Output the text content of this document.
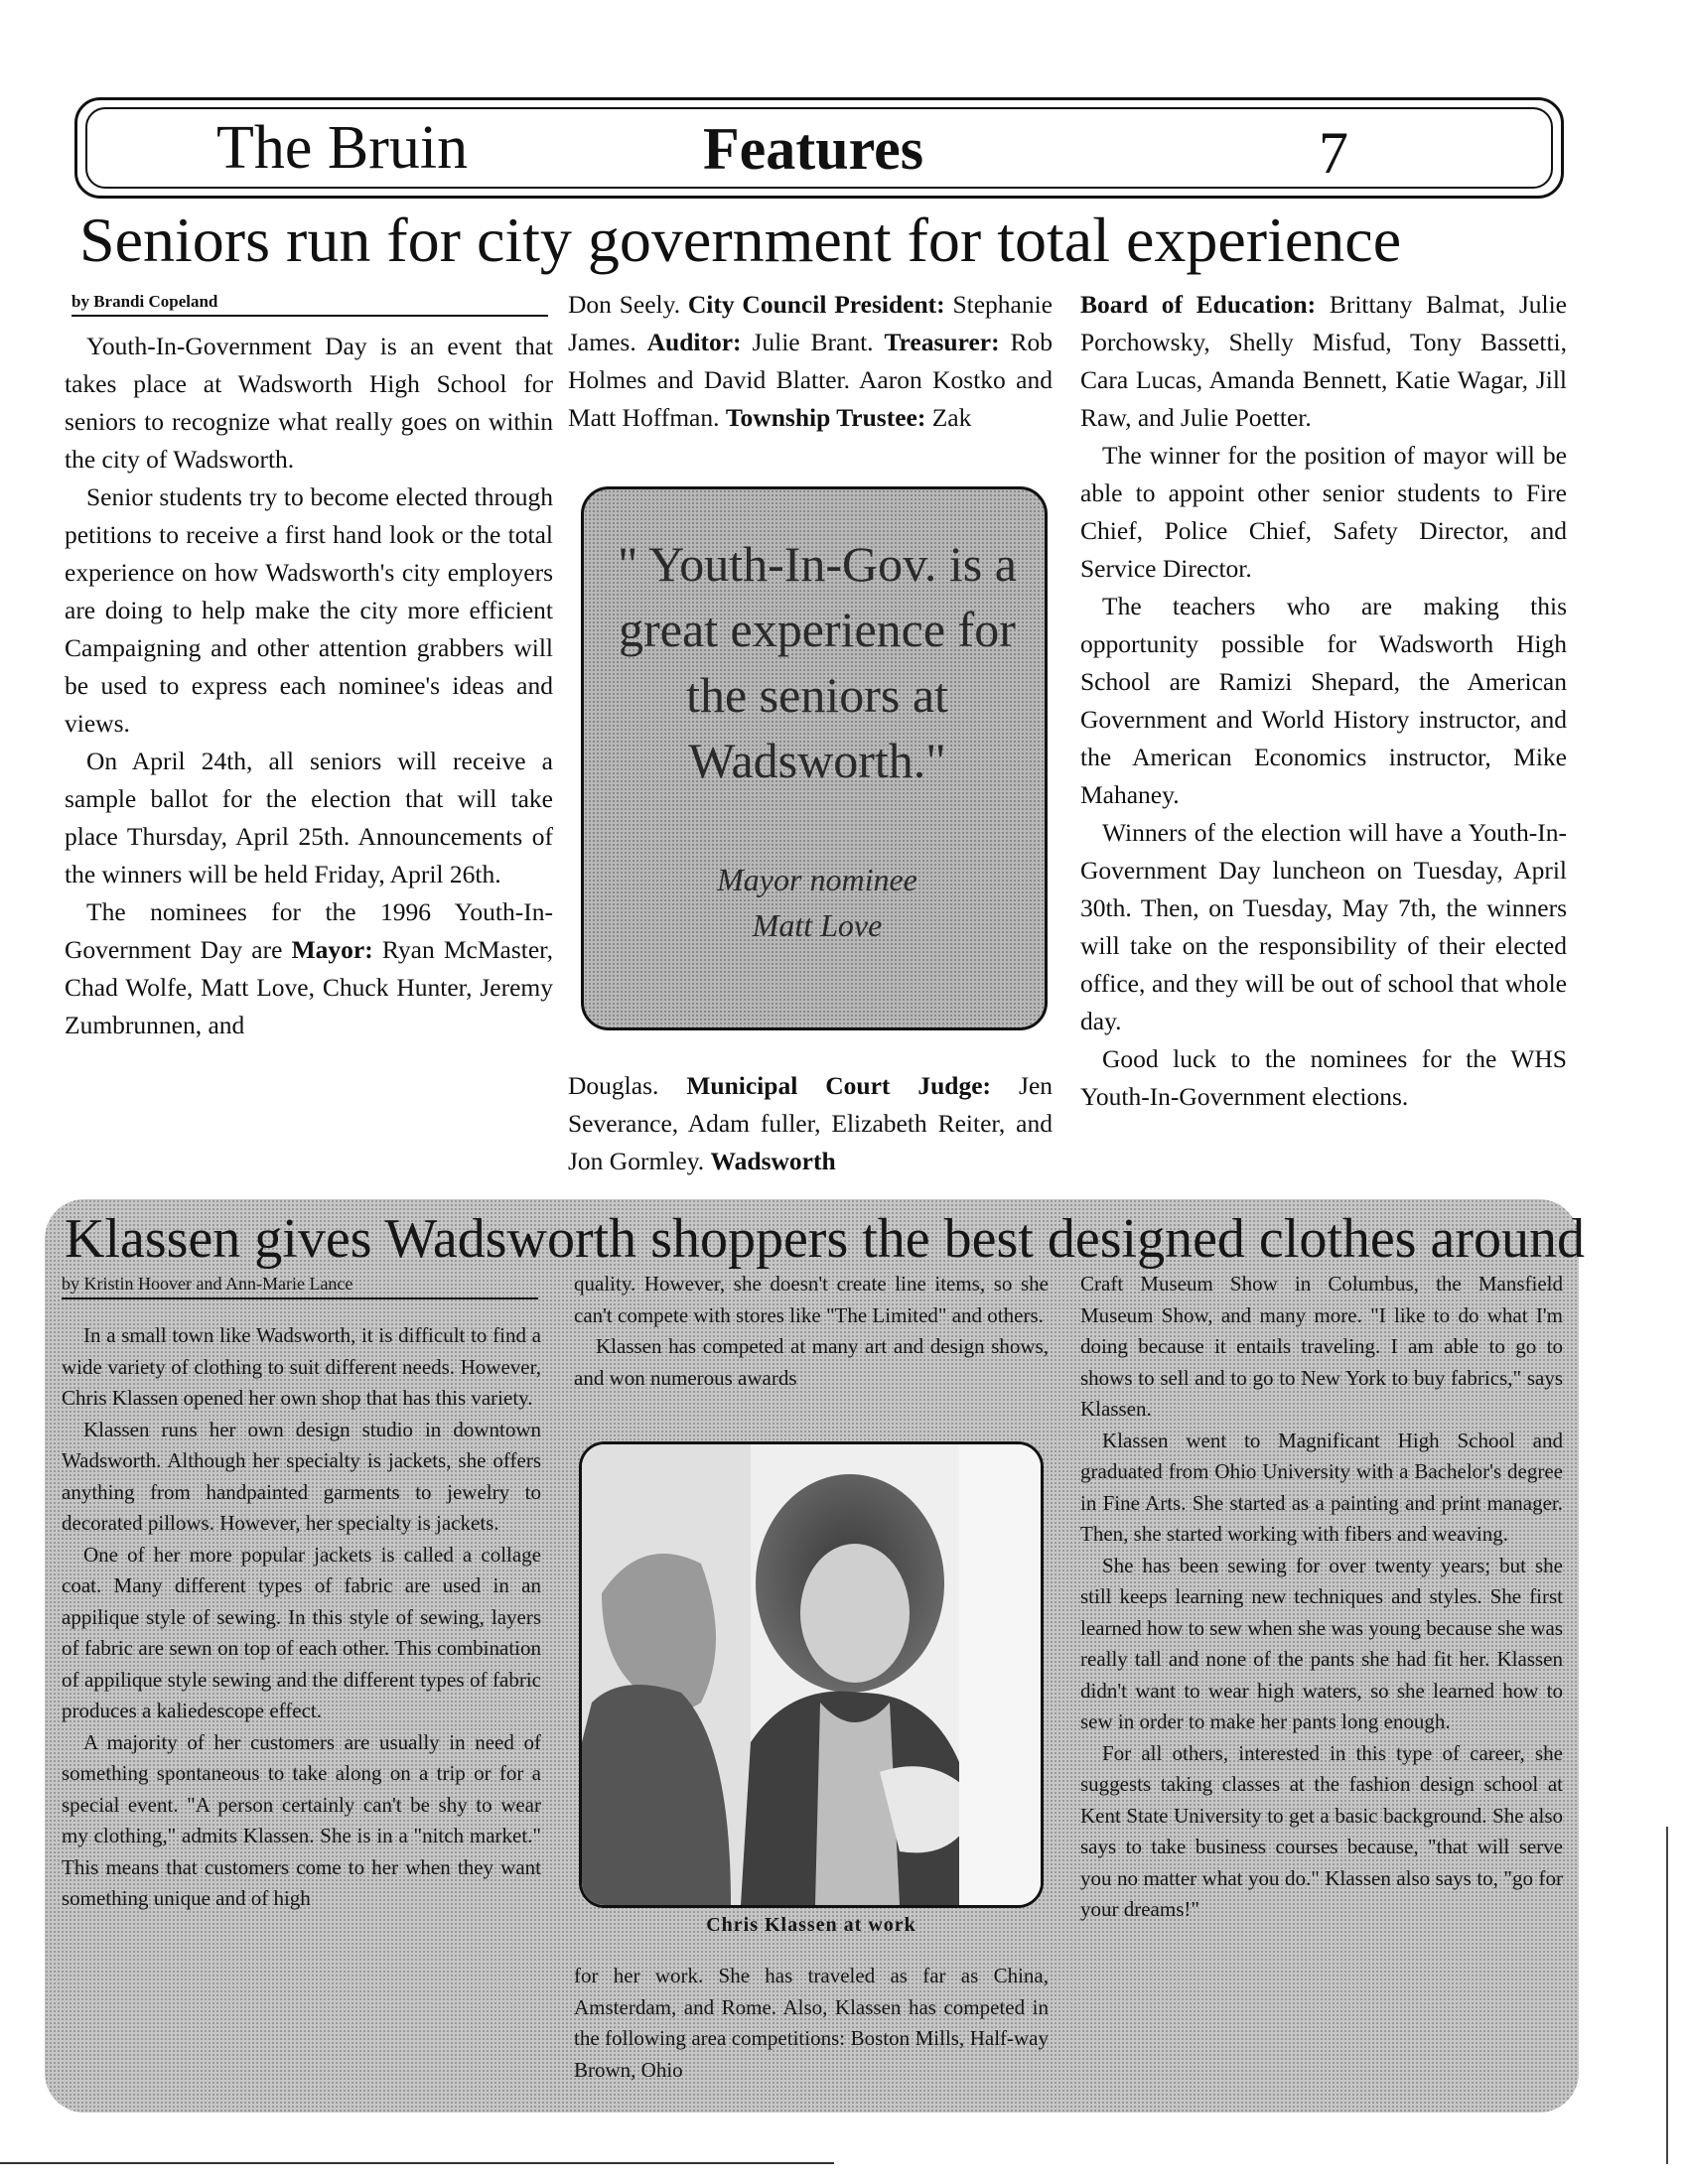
The Bruin	Features	7
Seniors run for city government for total experience
by Brandi Copeland

Youth-In-Government Day is an event that takes place at Wadsworth High School for seniors to recognize what really goes on within the city of Wadsworth.

Senior students try to become elected through petitions to receive a first hand look or the total experience on how Wadsworth's city employers are doing to help make the city more efficient Campaigning and other attention grabbers will be used to express each nominee's ideas and views.

On April 24th, all seniors will receive a sample ballot for the election that will take place Thursday, April 25th. Announcements of the winners will be held Friday, April 26th.

The nominees for the 1996 Youth-In-Government Day are Mayor: Ryan McMaster, Chad Wolfe, Matt Love, Chuck Hunter, Jeremy Zumbrunnen, and

Don Seely. City Council President: Stephanie James. Auditor: Julie Brant. Treasurer: Rob Holmes and David Blatter. Aaron Kostko and Matt Hoffman. Township Trustee: Zak

" Youth-In-Gov. is a great experience for the seniors at Wadsworth."
Mayor nominee
Matt Love

Douglas. Municipal Court Judge: Jen Severance, Adam fuller, Elizabeth Reiter, and Jon Gormley. Wadsworth

Board of Education: Brittany Balmat, Julie Porchowsky, Shelly Misfud, Tony Bassetti, Cara Lucas, Amanda Bennett, Katie Wagar, Jill Raw, and Julie Poetter.

The winner for the position of mayor will be able to appoint other senior students to Fire Chief, Police Chief, Safety Director, and Service Director.

The teachers who are making this opportunity possible for Wadsworth High School are Ramizi Shepard, the American Government and World History instructor, and the American Economics instructor, Mike Mahaney.

Winners of the election will have a Youth-In-Government Day luncheon on Tuesday, April 30th. Then, on Tuesday, May 7th, the winners will take on the responsibility of their elected office, and they will be out of school that whole day.

Good luck to the nominees for the WHS Youth-In-Government elections.

Klassen gives Wadsworth shoppers the best designed clothes around
by Kristin Hoover and Ann-Marie Lance

In a small town like Wadsworth, it is difficult to find a wide variety of clothing to suit different needs. However, Chris Klassen opened her own shop that has this variety.

Klassen runs her own design studio in downtown Wadsworth. Although her specialty is jackets, she offers anything from handpainted garments to jewelry to decorated pillows. However, her specialty is jackets.

One of her more popular jackets is called a collage coat. Many different types of fabric are used in an appilique style of sewing. In this style of sewing, layers of fabric are sewn on top of each other. This combination of appilique style sewing and the different types of fabric produces a kaliedescope effect.

A majority of her customers are usually in need of something spontaneous to take along on a trip or for a special event. "A person certainly can't be shy to wear my clothing," admits Klassen. She is in a "nitch market." This means that customers come to her when they want something unique and of high

quality. However, she doesn't create line items, so she can't compete with stores like "The Limited" and others.

Klassen has competed at many art and design shows, and won numerous awards

Chris Klassen at work

for her work. She has traveled as far as China, Amsterdam, and Rome. Also, Klassen has competed in the following area competitions: Boston Mills, Half-way Brown, Ohio

Craft Museum Show in Columbus, the Mansfield Museum Show, and many more. "I like to do what I'm doing because it entails traveling. I am able to go to shows to sell and to go to New York to buy fabrics," says Klassen.

Klassen went to Magnificant High School and graduated from Ohio University with a Bachelor's degree in Fine Arts. She started as a painting and print manager. Then, she started working with fibers and weaving.

She has been sewing for over twenty years; but she still keeps learning new techniques and styles. She first learned how to sew when she was young because she was really tall and none of the pants she had fit her. Klassen didn't want to wear high waters, so she learned how to sew in order to make her pants long enough.

For all others, interested in this type of career, she suggests taking classes at the fashion design school at Kent State University to get a basic background. She also says to take business courses because, "that will serve you no matter what you do." Klassen also says to, "go for your dreams!"
